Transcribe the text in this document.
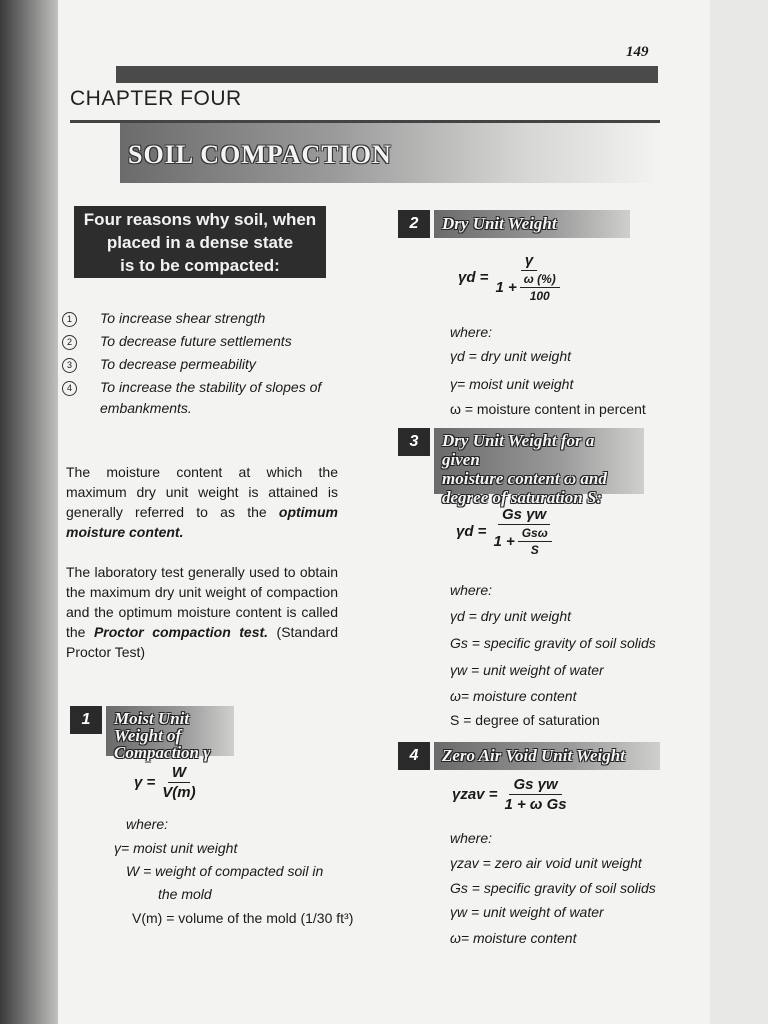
149
CHAPTER FOUR
SOIL COMPACTION
Four reasons why soil, when
placed in a dense state
is to be compacted:
1	To increase shear strength
2	To decrease future settlements
3	To decrease permeability
4	To increase the stability of slopes of embankments.
The moisture content at which the maximum dry unit weight is attained is generally referred to as the optimum moisture content.
The laboratory test generally used to obtain the maximum dry unit weight of compaction and the optimum moisture content is called the Proctor compaction test. (Standard Proctor Test)
1	Moist Unit Weight of Compaction γ
$\gamma = \frac{W}{V(m)}$
where:
γ= moist unit weight
W = weight of compacted soil in
the mold
V(m) = volume of the mold (1/30 ft³)
2	Dry Unit Weight
$\gamma d = \frac{\gamma}{1 + \frac{\omega (\%)}{100}}$
where:
γd = dry unit weight
γ= moist unit weight
ω = moisture content in percent
3	Dry Unit Weight for a given
moisture content ω and
degree of saturation S:
$\gamma d = \frac{\text{Gs γw}}{1 + \frac{\text{Gsω}}{S}}$
where:
γd = dry unit weight
Gs = specific gravity of soil solids
γw = unit weight of water
ω= moisture content
S = degree of saturation
4	Zero Air Void Unit Weight
$\gamma zav = \frac{\text{Gs γw}}{\text{1 + ω Gs}}$
where:
γzav = zero air void unit weight
Gs = specific gravity of soil solids
γw = unit weight of water
ω= moisture content
